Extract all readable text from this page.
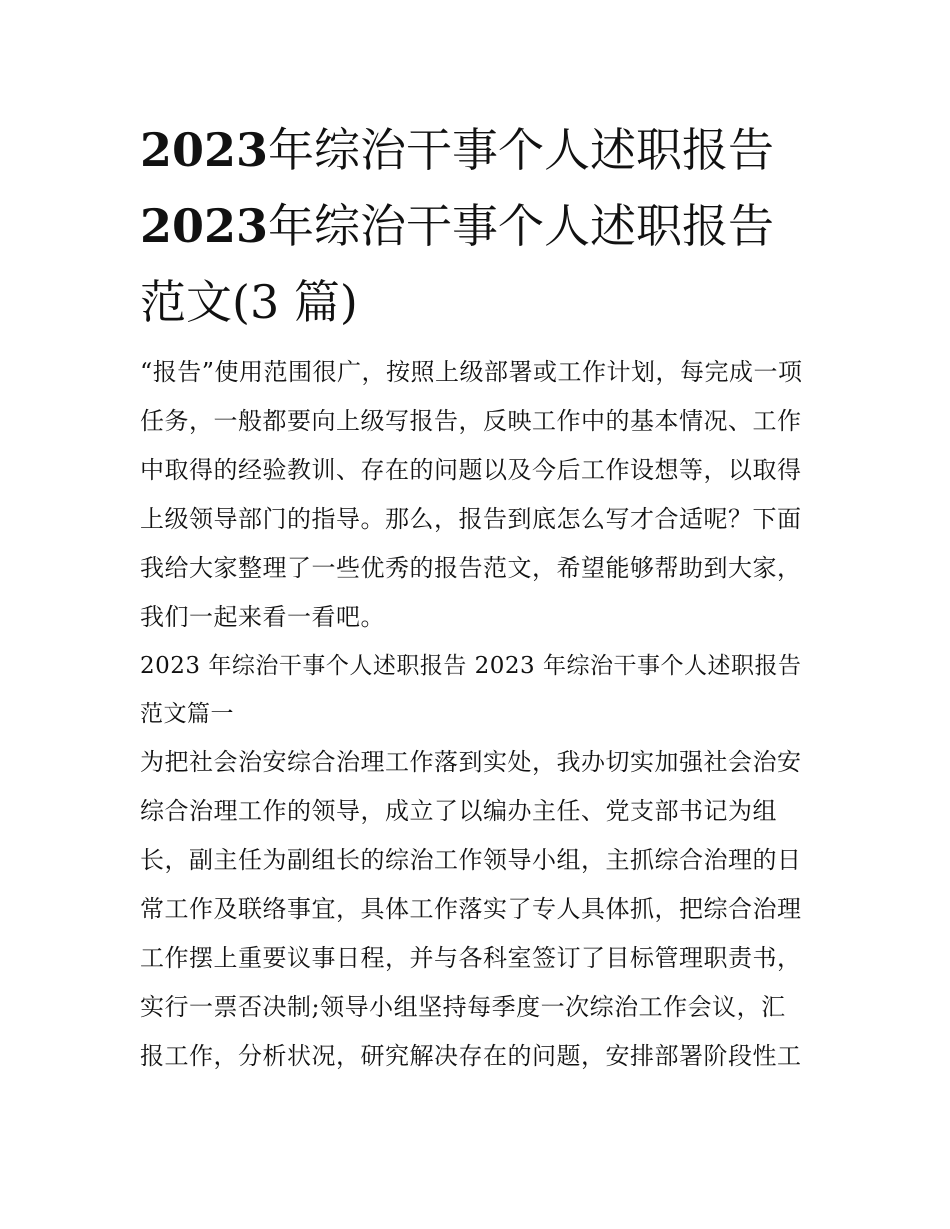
2023年综治干事个人述职报告
2023年综治干事个人述职报告
范文(3 篇)
“报告”使用范围很广，按照上级部署或工作计划，每完成一项
任务，一般都要向上级写报告，反映工作中的基本情况、工作
中取得的经验教训、存在的问题以及今后工作设想等，以取得
上级领导部门的指导。那么，报告到底怎么写才合适呢？下面
我给大家整理了一些优秀的报告范文，希望能够帮助到大家，
我们一起来看一看吧。
2023 年综治干事个人述职报告 2023 年综治干事个人述职报告
范文篇一
为把社会治安综合治理工作落到实处，我办切实加强社会治安
综合治理工作的领导，成立了以编办主任、党支部书记为组
长，副主任为副组长的综治工作领导小组，主抓综合治理的日
常工作及联络事宜，具体工作落实了专人具体抓，把综合治理
工作摆上重要议事日程，并与各科室签订了目标管理职责书，
实行一票否决制;领导小组坚持每季度一次综治工作会议，汇
报工作，分析状况，研究解决存在的问题，安排部署阶段性工
